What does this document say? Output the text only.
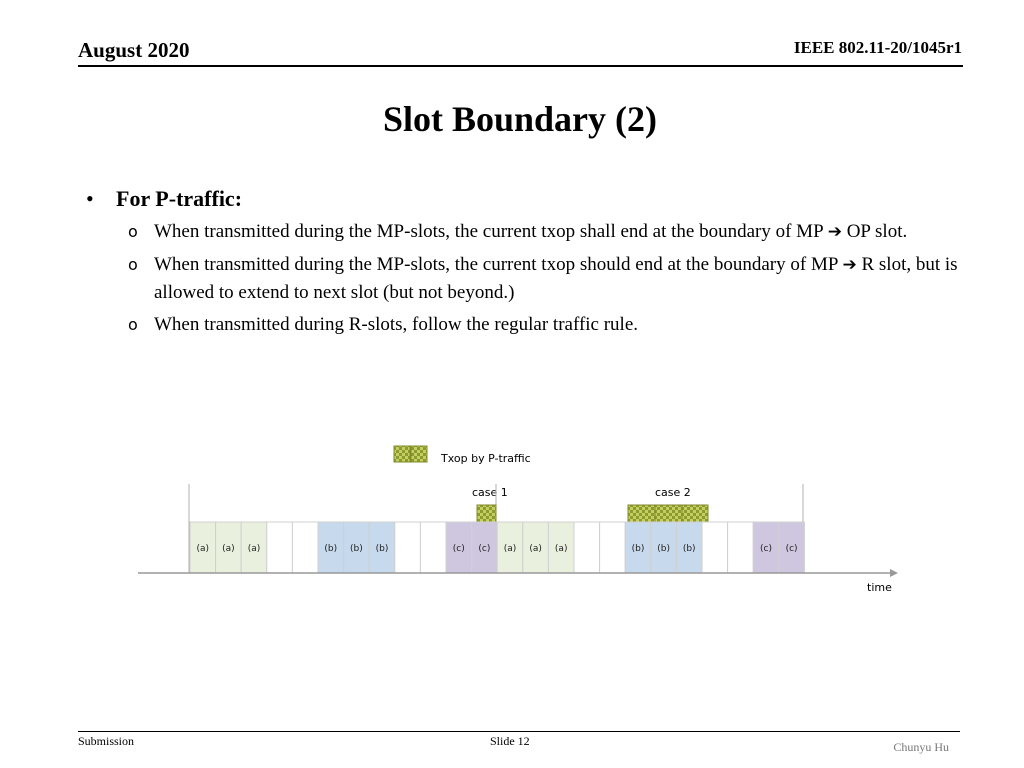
August 2020	IEEE 802.11-20/1045r1
Slot Boundary (2)
• For P-traffic:
o When transmitted during the MP-slots, the current txop shall end at the boundary of MP ➔ OP slot.
o When transmitted during the MP-slots, the current txop should end at the boundary of MP ➔ R slot, but is allowed to extend to next slot (but not beyond.)
o When transmitted during R-slots, follow the regular traffic rule.
Txop by P-traffic
case 1	case 2
(a) (a) (a)	(b) (b) (b)	(c) (c) (a) (a) (a)	(b) (b) (b)	(c) (c)
time
Submission	Slide 12	Chunyu Hu
